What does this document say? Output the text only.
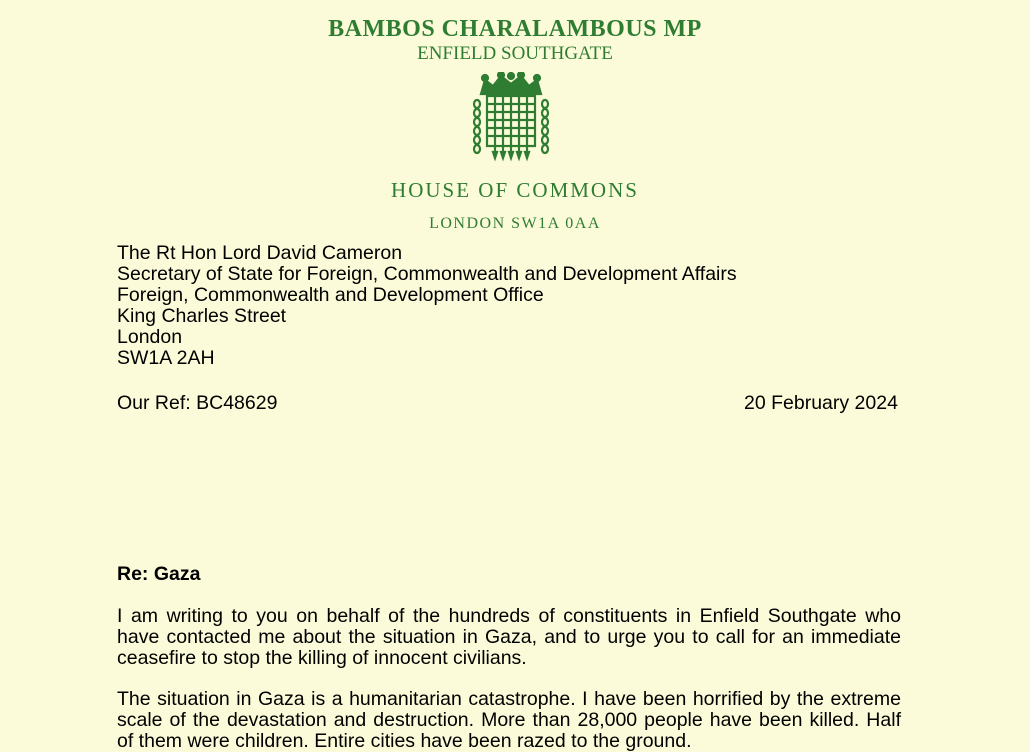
BAMBOS CHARALAMBOUS MP
ENFIELD SOUTHGATE
HOUSE OF COMMONS
LONDON SW1A 0AA
The Rt Hon Lord David Cameron
Secretary of State for Foreign, Commonwealth and Development Affairs
Foreign, Commonwealth and Development Office
King Charles Street
London
SW1A 2AH
Our Ref: BC48629	20 February 2024
Re: Gaza
I am writing to you on behalf of the hundreds of constituents in Enfield Southgate who have contacted me about the situation in Gaza, and to urge you to call for an immediate ceasefire to stop the killing of innocent civilians.
The situation in Gaza is a humanitarian catastrophe. I have been horrified by the extreme scale of the devastation and destruction. More than 28,000 people have been killed. Half of them were children. Entire cities have been razed to the ground.
